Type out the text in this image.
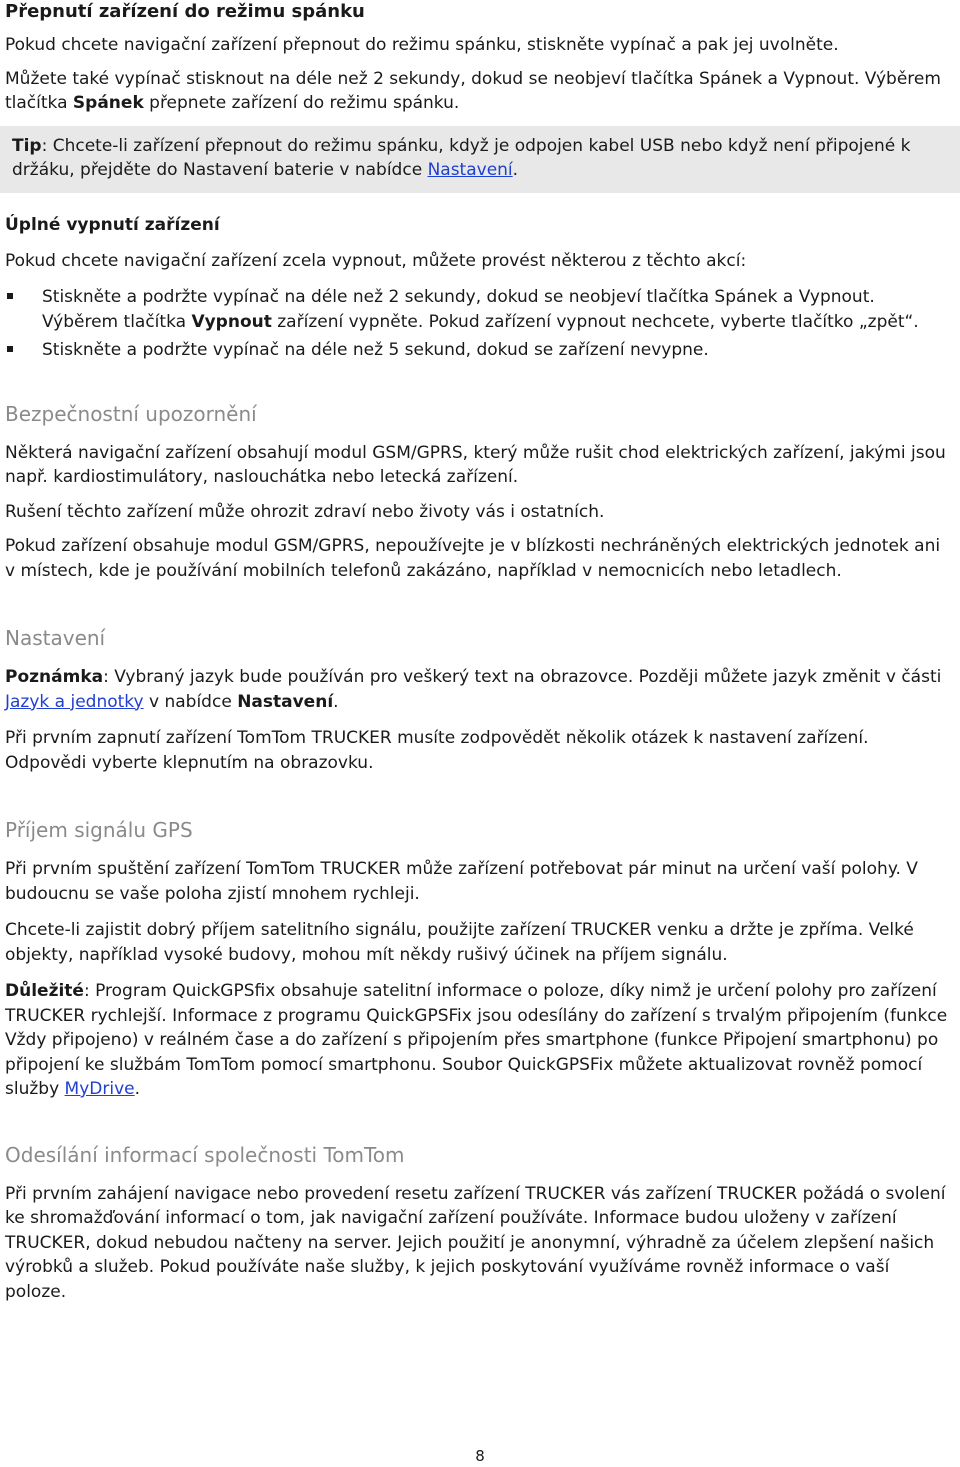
Přepnutí zařízení do režimu spánku

Pokud chcete navigační zařízení přepnout do režimu spánku, stiskněte vypínač a pak jej uvolněte.

Můžete také vypínač stisknout na déle než 2 sekundy, dokud se neobjeví tlačítka Spánek a Vypnout. Výběrem tlačítka Spánek přepnete zařízení do režimu spánku.

Tip: Chcete-li zařízení přepnout do režimu spánku, když je odpojen kabel USB nebo když není připojené k držáku, přejděte do Nastavení baterie v nabídce Nastavení.

Úplné vypnutí zařízení

Pokud chcete navigační zařízení zcela vypnout, můžete provést některou z těchto akcí:

Stiskněte a podržte vypínač na déle než 2 sekundy, dokud se neobjeví tlačítka Spánek a Vypnout. Výběrem tlačítka Vypnout zařízení vypněte. Pokud zařízení vypnout nechcete, vyberte tlačítko „zpět“.
Stiskněte a podržte vypínač na déle než 5 sekund, dokud se zařízení nevypne.
Bezpečnostní upozornění

Některá navigační zařízení obsahují modul GSM/GPRS, který může rušit chod elektrických zařízení, jakými jsou např. kardiostimulátory, naslouchátka nebo letecká zařízení.

Rušení těchto zařízení může ohrozit zdraví nebo životy vás i ostatních.

Pokud zařízení obsahuje modul GSM/GPRS, nepoužívejte je v blízkosti nechráněných elektrických jednotek ani v místech, kde je používání mobilních telefonů zakázáno, například v nemocnicích nebo letadlech.

Nastavení

Poznámka: Vybraný jazyk bude používán pro veškerý text na obrazovce. Později můžete jazyk změnit v části Jazyk a jednotky v nabídce Nastavení.

Při prvním zapnutí zařízení TomTom TRUCKER musíte zodpovědět několik otázek k nastavení zařízení. Odpovědi vyberte klepnutím na obrazovku.

Příjem signálu GPS

Při prvním spuštění zařízení TomTom TRUCKER může zařízení potřebovat pár minut na určení vaší polohy. V budoucnu se vaše poloha zjistí mnohem rychleji.

Chcete-li zajistit dobrý příjem satelitního signálu, použijte zařízení TRUCKER venku a držte je zpříma. Velké objekty, například vysoké budovy, mohou mít někdy rušivý účinek na příjem signálu.

Důležité: Program QuickGPSfix obsahuje satelitní informace o poloze, díky nimž je určení polohy pro zařízení TRUCKER rychlejší. Informace z programu QuickGPSFix jsou odesílány do zařízení s trvalým připojením (funkce Vždy připojeno) v reálném čase a do zařízení s připojením přes smartphone (funkce Připojení smartphonu) po připojení ke službám TomTom pomocí smartphonu. Soubor QuickGPSFix můžete aktualizovat rovněž pomocí služby MyDrive.

Odesílání informací společnosti TomTom

Při prvním zahájení navigace nebo provedení resetu zařízení TRUCKER vás zařízení TRUCKER požádá o svolení ke shromažďování informací o tom, jak navigační zařízení používáte. Informace budou uloženy v zařízení TRUCKER, dokud nebudou načteny na server. Jejich použití je anonymní, výhradně za účelem zlepšení našich výrobků a služeb. Pokud používáte naše služby, k jejich poskytování využíváme rovněž informace o vaší poloze.

8
